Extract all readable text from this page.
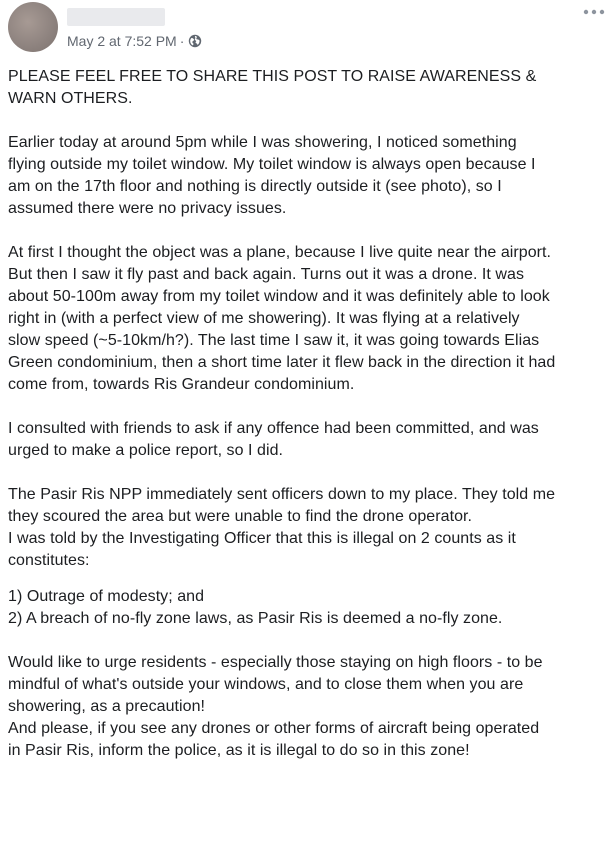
May 2 at 7:52 PM ·

PLEASE FEEL FREE TO SHARE THIS POST TO RAISE AWARENESS &
WARN OTHERS.

Earlier today at around 5pm while I was showering, I noticed something
flying outside my toilet window. My toilet window is always open because I
am on the 17th floor and nothing is directly outside it (see photo), so I
assumed there were no privacy issues.

At first I thought the object was a plane, because I live quite near the airport.
But then I saw it fly past and back again. Turns out it was a drone. It was
about 50-100m away from my toilet window and it was definitely able to look
right in (with a perfect view of me showering). It was flying at a relatively
slow speed (~5-10km/h?). The last time I saw it, it was going towards Elias
Green condominium, then a short time later it flew back in the direction it had
come from, towards Ris Grandeur condominium.

I consulted with friends to ask if any offence had been committed, and was
urged to make a police report, so I did.

The Pasir Ris NPP immediately sent officers down to my place. They told me
they scoured the area but were unable to find the drone operator.
I was told by the Investigating Officer that this is illegal on 2 counts as it
constitutes:

1) Outrage of modesty; and
2) A breach of no-fly zone laws, as Pasir Ris is deemed a no-fly zone.

Would like to urge residents - especially those staying on high floors - to be
mindful of what's outside your windows, and to close them when you are
showering, as a precaution!
And please, if you see any drones or other forms of aircraft being operated
in Pasir Ris, inform the police, as it is illegal to do so in this zone!
